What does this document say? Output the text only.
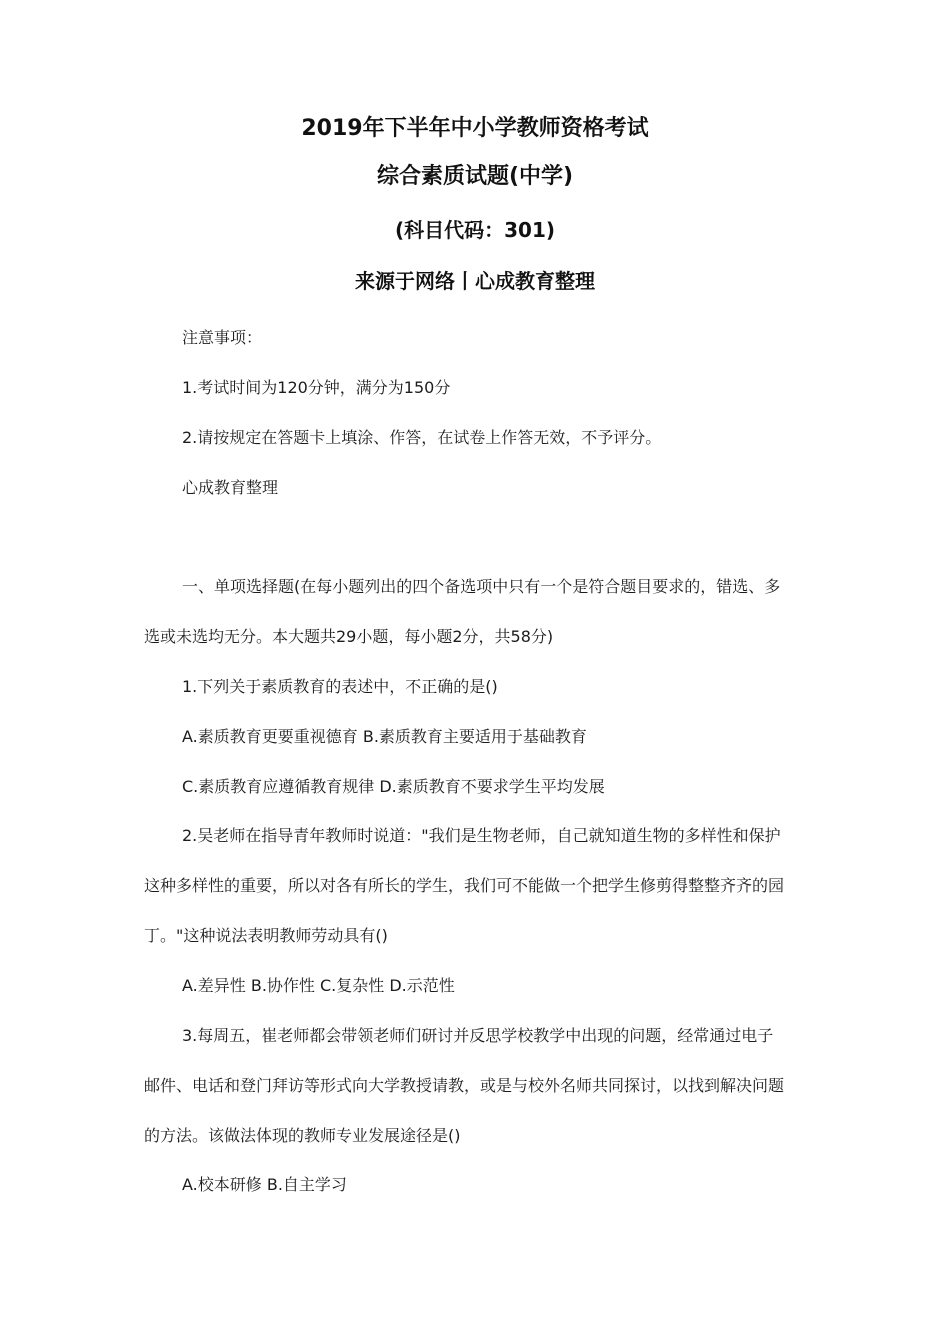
2019年下半年中小学教师资格考试
综合素质试题(中学)
(科目代码：301)
来源于网络丨心成教育整理
注意事项：
1.考试时间为120分钟，满分为150分
2.请按规定在答题卡上填涂、作答，在试卷上作答无效，不予评分。
心成教育整理
一、单项选择题(在每小题列出的四个备选项中只有一个是符合题目要求的，错选、多
选或未选均无分。本大题共29小题，每小题2分，共58分)
1.下列关于素质教育的表述中，不正确的是()
A.素质教育更要重视德育 B.素质教育主要适用于基础教育
C.素质教育应遵循教育规律 D.素质教育不要求学生平均发展
2.吴老师在指导青年教师时说道："我们是生物老师，自己就知道生物的多样性和保护
这种多样性的重要，所以对各有所长的学生，我们可不能做一个把学生修剪得整整齐齐的园
丁。"这种说法表明教师劳动具有()
A.差异性 B.协作性 C.复杂性 D.示范性
3.每周五，崔老师都会带领老师们研讨并反思学校教学中出现的问题，经常通过电子
邮件、电话和登门拜访等形式向大学教授请教，或是与校外名师共同探讨，以找到解决问题
的方法。该做法体现的教师专业发展途径是()
A.校本研修 B.自主学习
